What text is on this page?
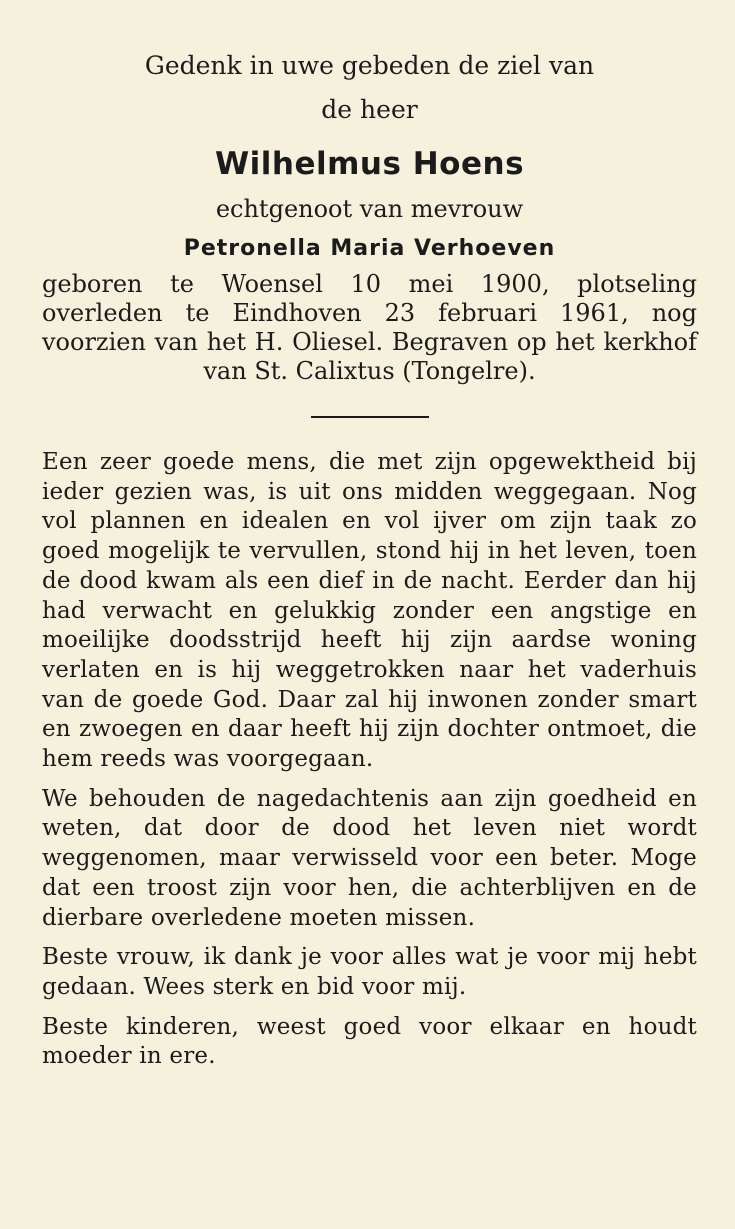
Gedenk in uwe gebeden de ziel van

de heer

Wilhelmus Hoens

echtgenoot van mevrouw

Petronella Maria Verhoeven

geboren te Woensel 10 mei 1900, plotseling overleden te Eindhoven 23 februari 1961, nog voorzien van het H. Oliesel. Begraven op het kerkhof van St. Calixtus (Tongelre).

Een zeer goede mens, die met zijn opgewektheid bij ieder gezien was, is uit ons midden weggegaan. Nog vol plannen en idealen en vol ijver om zijn taak zo goed mogelijk te vervullen, stond hij in het leven, toen de dood kwam als een dief in de nacht. Eerder dan hij had verwacht en gelukkig zonder een angstige en moeilijke doodsstrijd heeft hij zijn aardse woning verlaten en is hij weggetrokken naar het vaderhuis van de goede God. Daar zal hij inwonen zonder smart en zwoegen en daar heeft hij zijn dochter ontmoet, die hem reeds was voorgegaan.

We behouden de nagedachtenis aan zijn goedheid en weten, dat door de dood het leven niet wordt weggenomen, maar verwisseld voor een beter. Moge dat een troost zijn voor hen, die achterblijven en de dierbare overledene moeten missen.

Beste vrouw, ik dank je voor alles wat je voor mij hebt gedaan. Wees sterk en bid voor mij.

Beste kinderen, weest goed voor elkaar en houdt moeder in ere.
